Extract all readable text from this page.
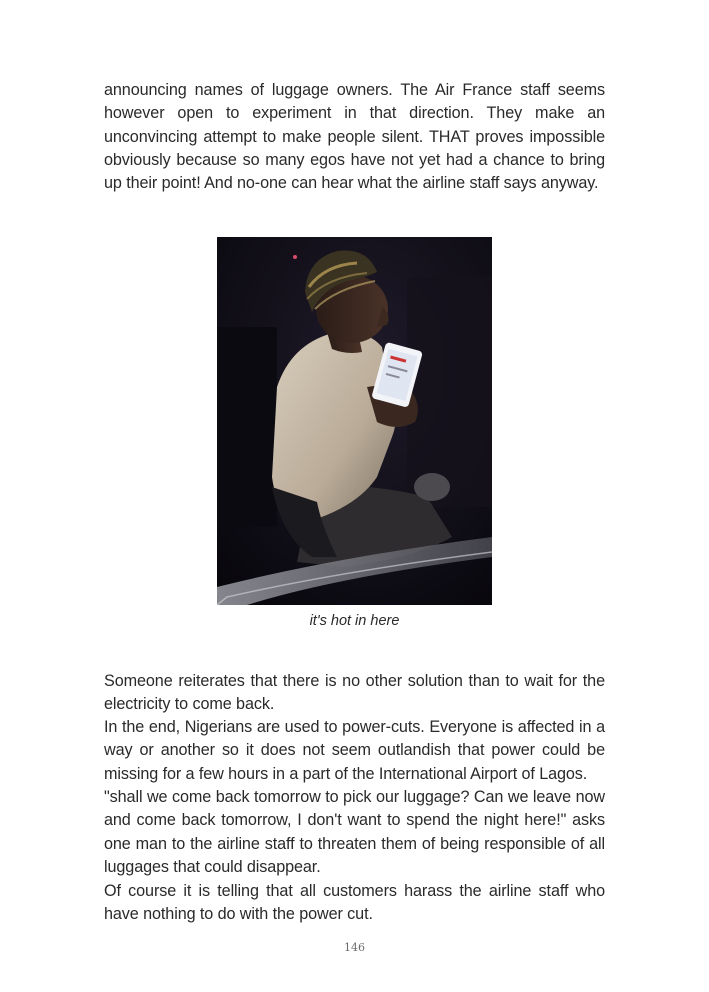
announcing names of luggage owners. The Air France staff seems however open to experiment in that direction. They make an unconvincing attempt to make people silent. THAT proves impossible obviously because so many egos have not yet had a chance to bring up their point! And no-one can hear what the airline staff says anyway.

it's hot in here

Someone reiterates that there is no other solution than to wait for the electricity to come back.

In the end, Nigerians are used to power-cuts. Everyone is affected in a way or another so it does not seem outlandish that power could be missing for a few hours in a part of the International Airport of Lagos.

"shall we come back tomorrow to pick our luggage? Can we leave now and come back tomorrow, I don't want to spend the night here!" asks one man to the airline staff to threaten them of being responsible of all luggages that could disappear.

Of course it is telling that all customers harass the airline staff who have nothing to do with the power cut.

146
